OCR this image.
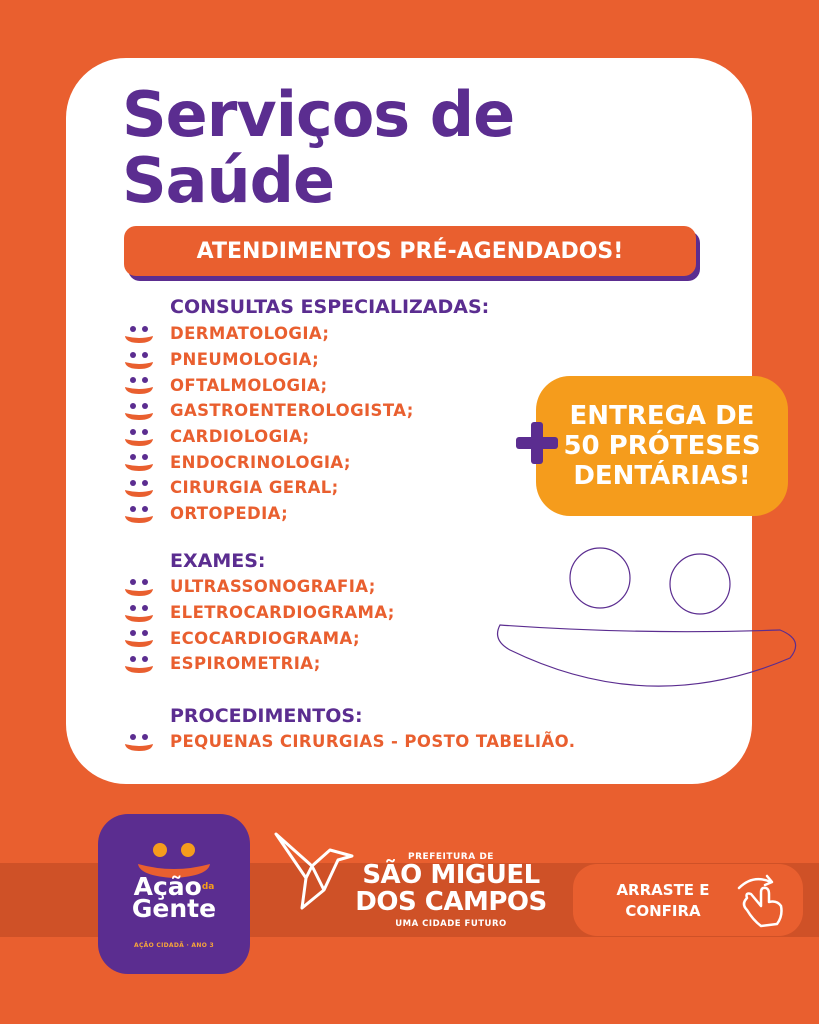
Serviços de
Saúde
ATENDIMENTOS PRÉ-AGENDADOS!
CONSULTAS ESPECIALIZADAS:
DERMATOLOGIA;
PNEUMOLOGIA;
OFTALMOLOGIA;
GASTROENTEROLOGISTA;
CARDIOLOGIA;
ENDOCRINOLOGIA;
CIRURGIA GERAL;
ORTOPEDIA;
EXAMES:
ULTRASSONOGRAFIA;
ELETROCARDIOGRAMA;
ECOCARDIOGRAMA;
ESPIROMETRIA;
PROCEDIMENTOS:
PEQUENAS CIRURGIAS - POSTO TABELIÃO.
ENTREGA DE
50 PRÓTESES
DENTÁRIAS!
Ação$^{da}$
Gente
AÇÃO CIDADÃ · ANO 3
PREFEITURA DE
SÃO MIGUEL
DOS CAMPOS
UMA CIDADE FUTURO
ARRASTE E
CONFIRA
